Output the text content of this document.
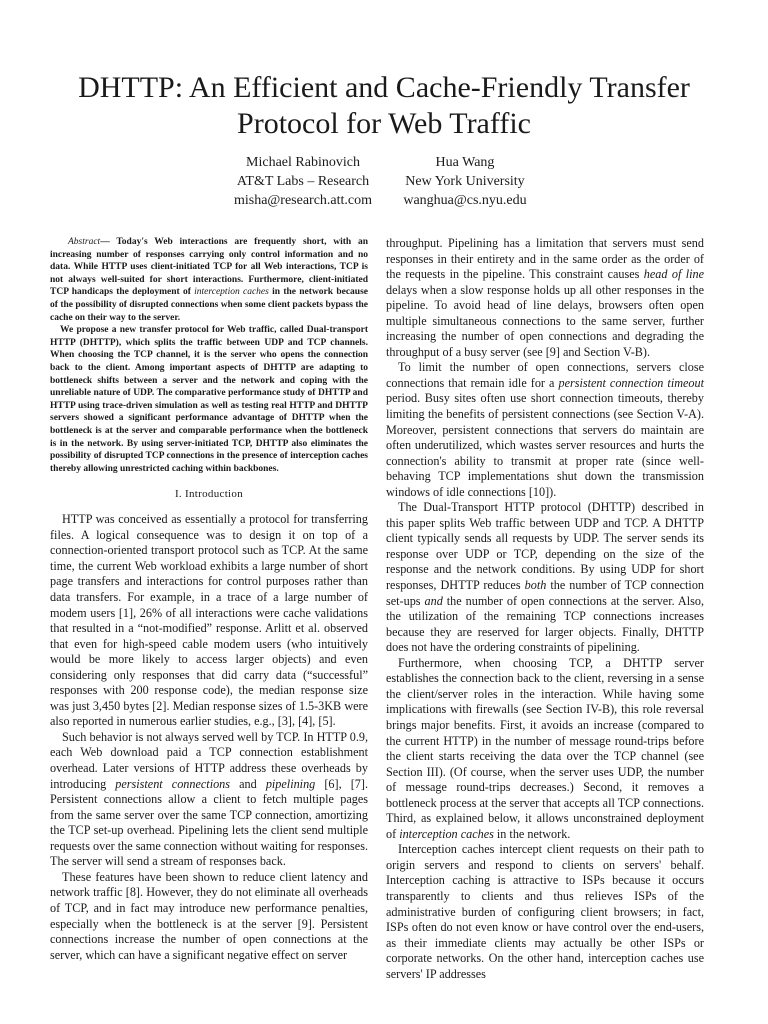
DHTTP: An Efficient and Cache-Friendly Transfer
Protocol for Web Traffic
Michael Rabinovich
AT&T Labs – Research
misha@research.att.com
Hua Wang
New York University
wanghua@cs.nyu.edu

Abstract— Today's Web interactions are frequently short, with an increasing number of responses carrying only control information and no data. While HTTP uses client-initiated TCP for all Web interactions, TCP is not always well-suited for short interactions. Furthermore, client-initiated TCP handicaps the deployment of interception caches in the network because of the possibility of disrupted connections when some client packets bypass the cache on their way to the server.

We propose a new transfer protocol for Web traffic, called Dual-transport HTTP (DHTTP), which splits the traffic between UDP and TCP channels. When choosing the TCP channel, it is the server who opens the connection back to the client. Among important aspects of DHTTP are adapting to bottleneck shifts between a server and the network and coping with the unreliable nature of UDP. The comparative performance study of DHTTP and HTTP using trace-driven simulation as well as testing real HTTP and DHTTP servers showed a significant performance advantage of DHTTP when the bottleneck is at the server and comparable performance when the bottleneck is in the network. By using server-initiated TCP, DHTTP also eliminates the possibility of disrupted TCP connections in the presence of interception caches thereby allowing unrestricted caching within backbones.

I. Introduction

HTTP was conceived as essentially a protocol for transferring files. A logical consequence was to design it on top of a connection-oriented transport protocol such as TCP. At the same time, the current Web workload exhibits a large number of short page transfers and interactions for control purposes rather than data transfers. For example, in a trace of a large number of modem users [1], 26% of all interactions were cache validations that resulted in a “not-modified” response. Arlitt et al. observed that even for high-speed cable modem users (who intuitively would be more likely to access larger objects) and even considering only responses that did carry data (“successful” responses with 200 response code), the median response size was just 3,450 bytes [2]. Median response sizes of 1.5-3KB were also reported in numerous earlier studies, e.g., [3], [4], [5].

Such behavior is not always served well by TCP. In HTTP 0.9, each Web download paid a TCP connection establishment overhead. Later versions of HTTP address these overheads by introducing persistent connections and pipelining [6], [7]. Persistent connections allow a client to fetch multiple pages from the same server over the same TCP connection, amortizing the TCP set-up overhead. Pipelining lets the client send multiple requests over the same connection without waiting for responses. The server will send a stream of responses back.

These features have been shown to reduce client latency and network traffic [8]. However, they do not eliminate all overheads of TCP, and in fact may introduce new performance penalties, especially when the bottleneck is at the server [9]. Persistent connections increase the number of open connections at the server, which can have a significant negative effect on server

throughput. Pipelining has a limitation that servers must send responses in their entirety and in the same order as the order of the requests in the pipeline. This constraint causes head of line delays when a slow response holds up all other responses in the pipeline. To avoid head of line delays, browsers often open multiple simultaneous connections to the same server, further increasing the number of open connections and degrading the throughput of a busy server (see [9] and Section V-B).

To limit the number of open connections, servers close connections that remain idle for a persistent connection timeout period. Busy sites often use short connection timeouts, thereby limiting the benefits of persistent connections (see Section V-A). Moreover, persistent connections that servers do maintain are often underutilized, which wastes server resources and hurts the connection's ability to transmit at proper rate (since well-behaving TCP implementations shut down the transmission windows of idle connections [10]).

The Dual-Transport HTTP protocol (DHTTP) described in this paper splits Web traffic between UDP and TCP. A DHTTP client typically sends all requests by UDP. The server sends its response over UDP or TCP, depending on the size of the response and the network conditions. By using UDP for short responses, DHTTP reduces both the number of TCP connection set-ups and the number of open connections at the server. Also, the utilization of the remaining TCP connections increases because they are reserved for larger objects. Finally, DHTTP does not have the ordering constraints of pipelining.

Furthermore, when choosing TCP, a DHTTP server establishes the connection back to the client, reversing in a sense the client/server roles in the interaction. While having some implications with firewalls (see Section IV-B), this role reversal brings major benefits. First, it avoids an increase (compared to the current HTTP) in the number of message round-trips before the client starts receiving the data over the TCP channel (see Section III). (Of course, when the server uses UDP, the number of message round-trips decreases.) Second, it removes a bottleneck process at the server that accepts all TCP connections. Third, as explained below, it allows unconstrained deployment of interception caches in the network.

Interception caches intercept client requests on their path to origin servers and respond to clients on servers' behalf. Interception caching is attractive to ISPs because it occurs transparently to clients and thus relieves ISPs of the administrative burden of configuring client browsers; in fact, ISPs often do not even know or have control over the end-users, as their immediate clients may actually be other ISPs or corporate networks. On the other hand, interception caches use servers' IP addresses
